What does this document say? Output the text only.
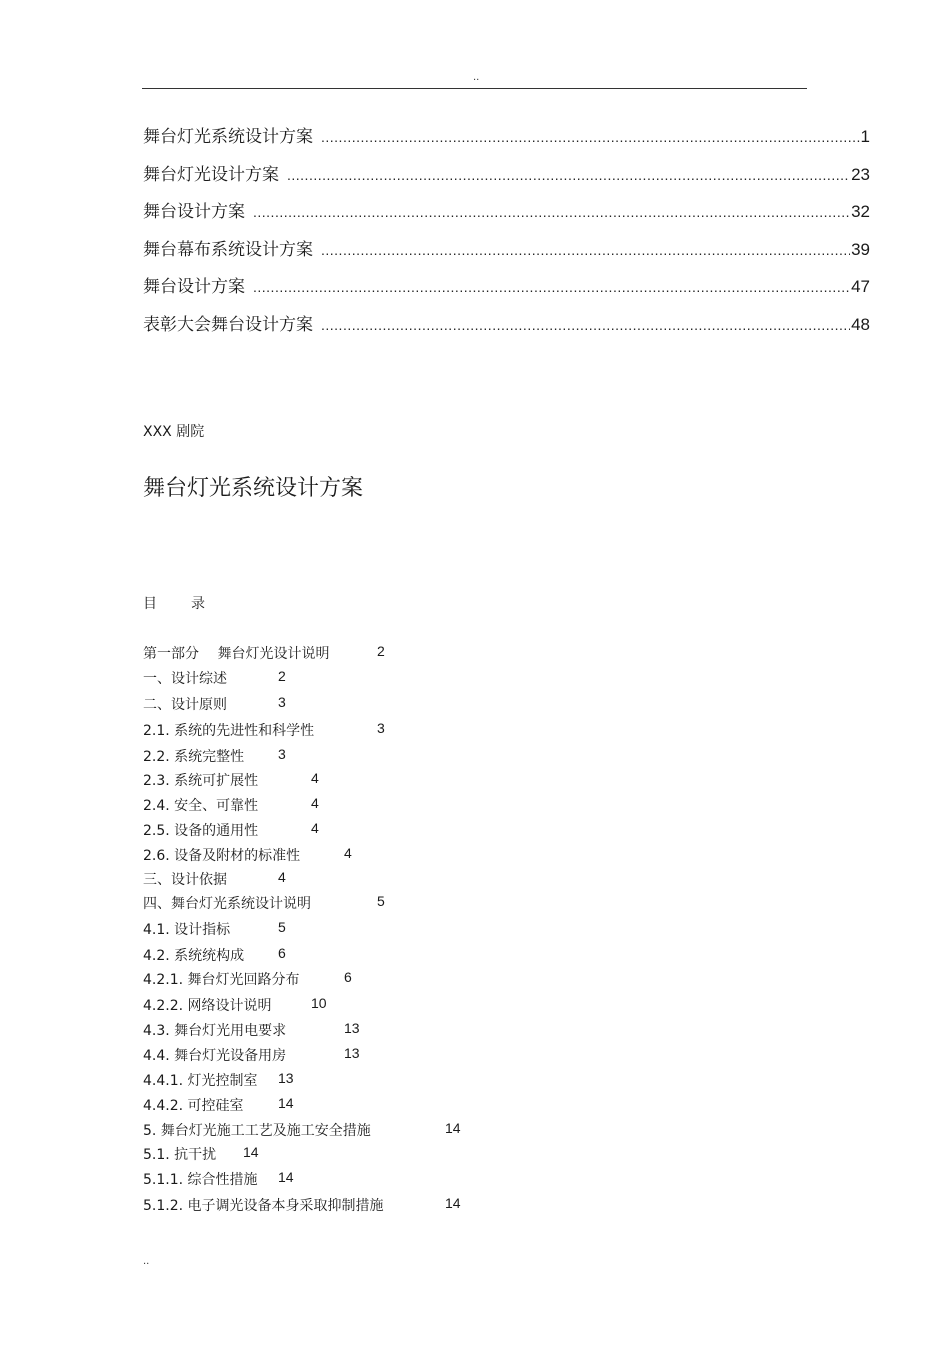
..
舞台灯光系统设计方案 .....	1
舞台灯光设计方案 .....	23
舞台设计方案 .....	32
舞台幕布系统设计方案 .....	39
舞台设计方案 .....	47
表彰大会舞台设计方案 .....	48
XXX 剧院
舞台灯光系统设计方案
目 录
第一部分　 舞台灯光设计说明	2
一、设计综述	2
二、设计原则	3
2.1. 系统的先进性和科学性	3
2.2. 系统完整性 3
2.3. 系统可扩展性	4
2.4. 安全、可靠性	4
2.5. 设备的通用性	4
2.6. 设备及附材的标准性	4
三、设计依据	4
四、舞台灯光系统设计说明	5
4.1. 设计指标	5
4.2. 系统统构成 6
4.2.1. 舞台灯光回路分布	6
4.2.2. 网络设计说明	10
4.3. 舞台灯光用电要求	13
4.4. 舞台灯光设备用房	13
4.4.1. 灯光控制室 13
4.4.2. 可控硅室 14
5. 舞台灯光施工工艺及施工安全措施	14
5.1. 抗干扰 14
5.1.1. 综合性措施 14
5.1.2. 电子调光设备本身采取抑制措施	14
..
